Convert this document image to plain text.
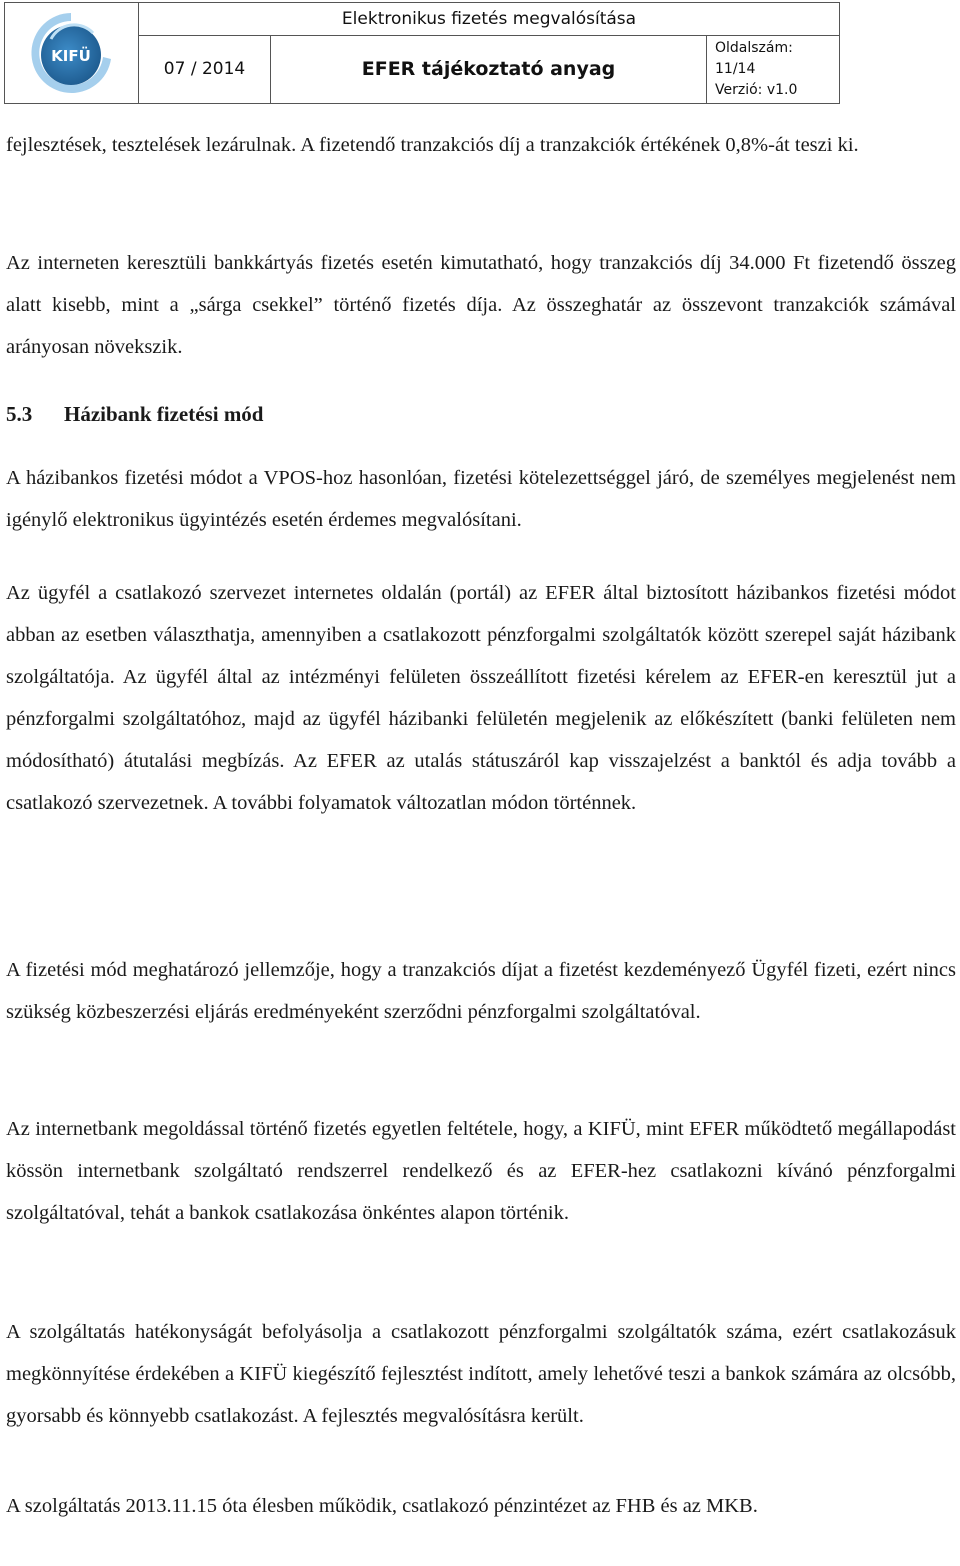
KIFÜ
Elektronikus fizetés megvalósítása
07 / 2014	EFER tájékoztató anyag
Oldalszám:
11/14
Verzió: v1.0

fejlesztések, tesztelések lezárulnak. A fizetendő tranzakciós díj a tranzakciók értékének 0,8%-át teszi ki.

Az interneten keresztüli bankkártyás fizetés esetén kimutatható, hogy tranzakciós díj 34.000 Ft fizetendő összeg alatt kisebb, mint a „sárga csekkel” történő fizetés díja. Az összeghatár az összevont tranzakciók számával arányosan növekszik.

5.3 Házibank fizetési mód

A házibankos fizetési módot a VPOS-hoz hasonlóan, fizetési kötelezettséggel járó, de személyes megjelenést nem igénylő elektronikus ügyintézés esetén érdemes megvalósítani.

Az ügyfél a csatlakozó szervezet internetes oldalán (portál) az EFER által biztosított házibankos fizetési módot abban az esetben választhatja, amennyiben a csatlakozott pénzforgalmi szolgáltatók között szerepel saját házibank szolgáltatója. Az ügyfél által az intézményi felületen összeállított fizetési kérelem az EFER-en keresztül jut a pénzforgalmi szolgáltatóhoz, majd az ügyfél házibanki felületén megjelenik az előkészített (banki felületen nem módosítható) átutalási megbízás. Az EFER az utalás státuszáról kap visszajelzést a banktól és adja tovább a csatlakozó szervezetnek. A további folyamatok változatlan módon történnek.

A fizetési mód meghatározó jellemzője, hogy a tranzakciós díjat a fizetést kezdeményező Ügyfél fizeti, ezért nincs szükség közbeszerzési eljárás eredményeként szerződni pénzforgalmi szolgáltatóval.

Az internetbank megoldással történő fizetés egyetlen feltétele, hogy, a KIFÜ, mint EFER működtető megállapodást kössön internetbank szolgáltató rendszerrel rendelkező és az EFER-hez csatlakozni kívánó pénzforgalmi szolgáltatóval, tehát a bankok csatlakozása önkéntes alapon történik.

A szolgáltatás hatékonyságát befolyásolja a csatlakozott pénzforgalmi szolgáltatók száma, ezért csatlakozásuk megkönnyítése érdekében a KIFÜ kiegészítő fejlesztést indított, amely lehetővé teszi a bankok számára az olcsóbb, gyorsabb és könnyebb csatlakozást. A fejlesztés megvalósításra került.

A szolgáltatás 2013.11.15 óta élesben működik, csatlakozó pénzintézet az FHB és az MKB.
